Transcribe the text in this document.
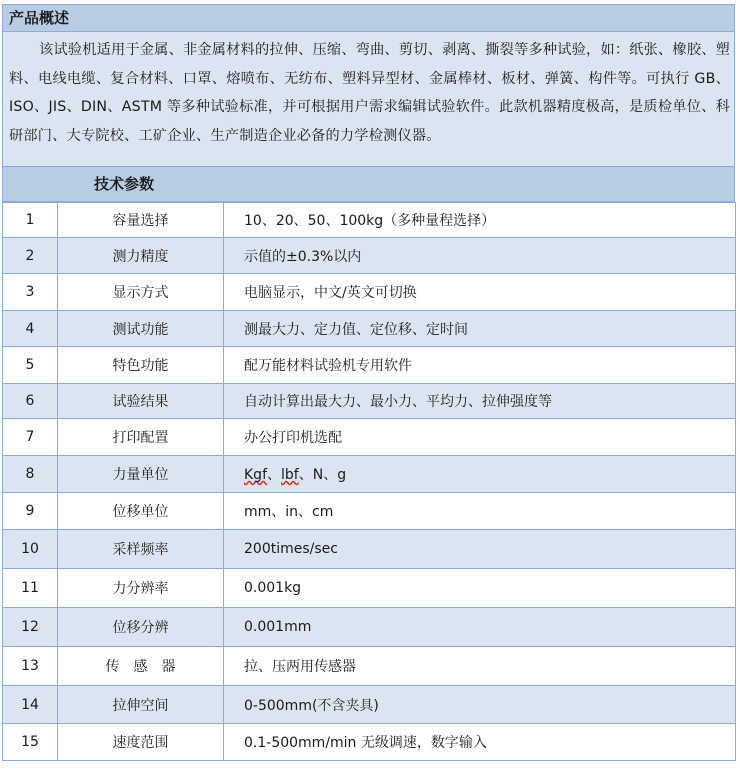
产品概述
该试验机适用于金属、非金属材料的拉伸、压缩、弯曲、剪切、剥离、撕裂等多种试验，如：纸张、橡胶、塑料、电线电缆、复合材料、口罩、熔喷布、无纺布、塑料异型材、金属棒材、板材、弹簧、构件等。可执行 GB、ISO、JIS、DIN、ASTM 等多种试验标准，并可根据用户需求编辑试验软件。此款机器精度极高，是质检单位、科研部门、大专院校、工矿企业、生产制造企业必备的力学检测仪器。
技术参数
1	容量选择	10、20、50、100kg（多种量程选择）
2	测力精度	示值的±0.3%以内
3	显示方式	电脑显示，中文/英文可切换
4	测试功能	测最大力、定力值、定位移、定时间
5	特色功能	配万能材料试验机专用软件
6	试验结果	自动计算出最大力、最小力、平均力、拉伸强度等
7	打印配置	办公打印机选配
8	力量单位	Kgf、lbf、N、g
9	位移单位	mm、in、cm
10	采样频率	200times/sec
11	力分辨率	0.001kg
12	位移分辨	0.001mm
13	传　感　器	拉、压两用传感器
14	拉伸空间	0-500mm(不含夹具)
15	速度范围	0.1-500mm/min 无级调速，数字输入
